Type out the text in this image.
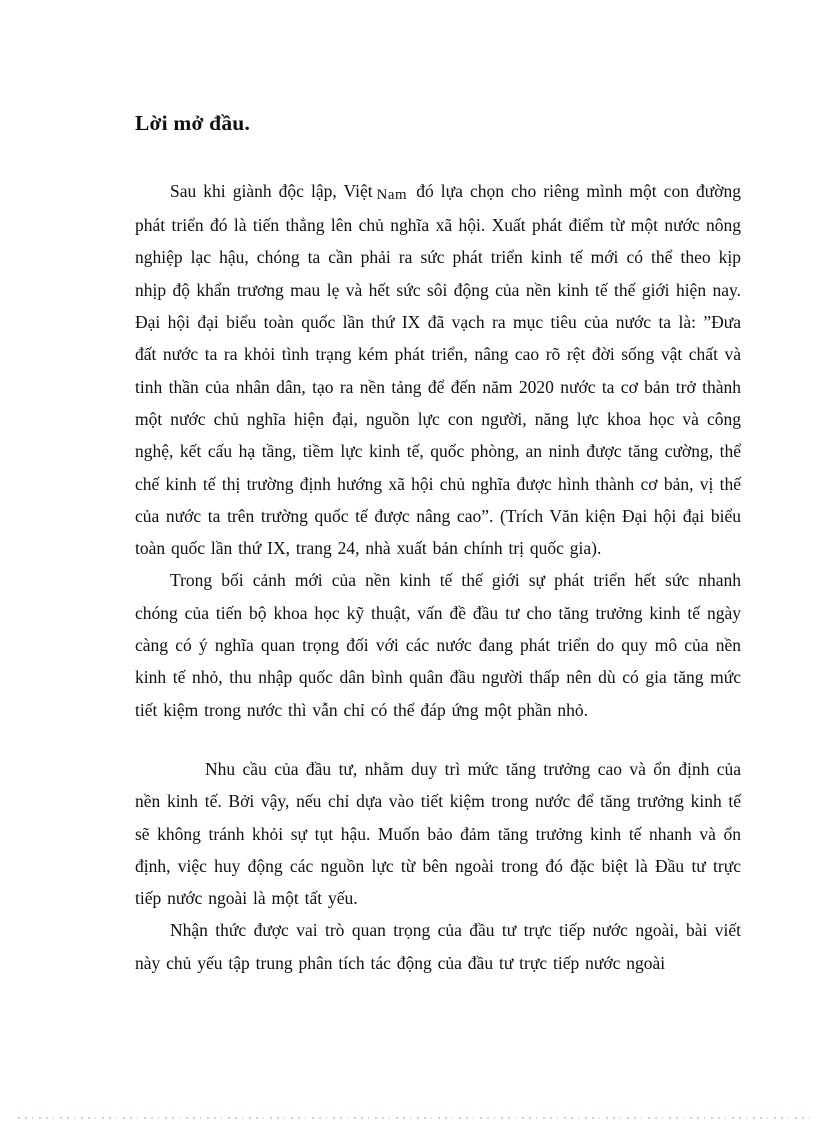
Lời mở đầu.

Sau khi giành độc lập, Việt Nam đó lựa chọn cho riêng mình một con đường phát triển đó là tiến thẳng lên chủ nghĩa xã hội. Xuất phát điểm từ một nước nông nghiệp lạc hậu, chóng ta cần phải ra sức phát triển kinh tế mới có thể theo kịp nhịp độ khẩn trương mau lẹ và hết sức sôi động của nền kinh tế thế giới hiện nay. Đại hội đại biểu toàn quốc lần thứ IX đã vạch ra mục tiêu của nước ta là: ”Đưa đất nước ta ra khỏi tình trạng kém phát triển, nâng cao rõ rệt đời sống vật chất và tinh thần của nhân dân, tạo ra nền tảng để đến năm 2020 nước ta cơ bản trở thành một nước chủ nghĩa hiện đại, nguồn lực con người, năng lực khoa học và công nghệ, kết cấu hạ tầng, tiềm lực kinh tế, quốc phòng, an ninh được tăng cường, thể chế kinh tế thị trường định hướng xã hội chủ nghĩa được hình thành cơ bản, vị thế của nước ta trên trường quốc tế được nâng cao”. (Trích Văn kiện Đại hội đại biểu toàn quốc lần thứ IX, trang 24, nhà xuất bản chính trị quốc gia).

Trong bối cảnh mới của nền kinh tế thế giới sự phát triển hết sức nhanh chóng của tiến bộ khoa học kỹ thuật, vấn đề đầu tư cho tăng trưởng kinh tế ngày càng có ý nghĩa quan trọng đối với các nước đang phát triển do quy mô của nền kinh tế nhỏ, thu nhập quốc dân bình quân đầu người thấp nên dù có gia tăng mức tiết kiệm trong nước thì vẫn chỉ có thể đáp ứng một phần nhỏ.

Nhu cầu của đầu tư, nhằm duy trì mức tăng trưởng cao và ổn định của nền kinh tế. Bởi vậy, nếu chỉ dựa vào tiết kiệm trong nước để tăng trưởng kinh tế sẽ không tránh khỏi sự tụt hậu. Muốn bảo đảm tăng trưởng kinh tế nhanh và ổn định, việc huy động các nguồn lực từ bên ngoài trong đó đặc biệt là Đầu tư trực tiếp nước ngoài là một tất yếu.

Nhận thức được vai trò quan trọng của đầu tư trực tiếp nước ngoài, bài viết này chủ yếu tập trung phân tích tác động của đầu tư trực tiếp nước ngoài
